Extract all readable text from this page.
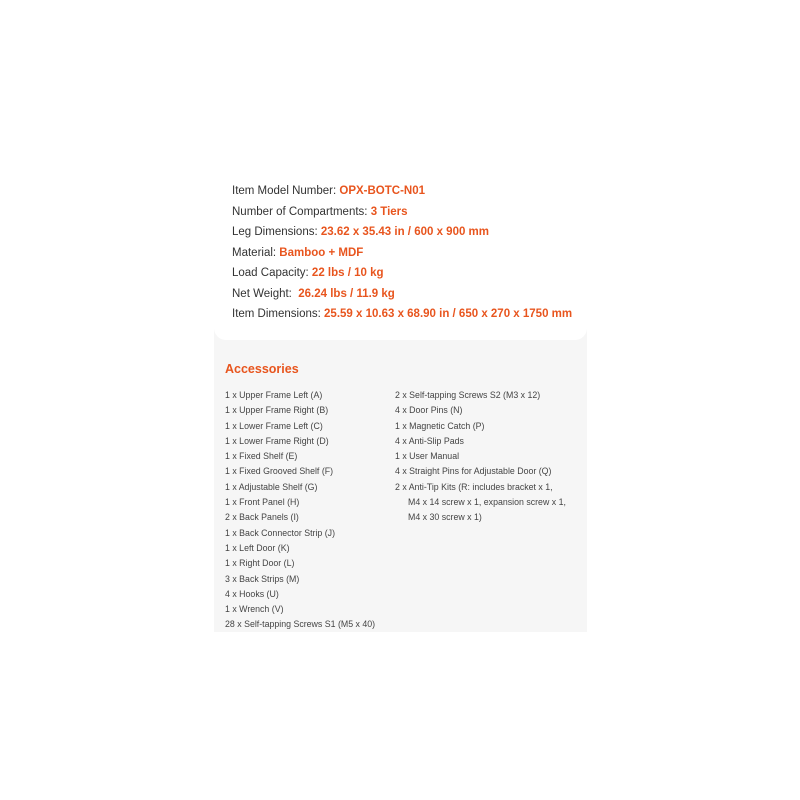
Item Model Number: OPX-BOTC-N01
Number of Compartments: 3 Tiers
Leg Dimensions: 23.62 x 35.43 in / 600 x 900 mm
Material: Bamboo + MDF
Load Capacity: 22 lbs / 10 kg
Net Weight:  26.24 lbs / 11.9 kg
Item Dimensions: 25.59 x 10.63 x 68.90 in / 650 x 270 x 1750 mm
Accessories
1 x Upper Frame Left (A)
1 x Upper Frame Right (B)
1 x Lower Frame Left (C)
1 x Lower Frame Right (D)
1 x Fixed Shelf (E)
1 x Fixed Grooved Shelf (F)
1 x Adjustable Shelf (G)
1 x Front Panel (H)
2 x Back Panels (I)
1 x Back Connector Strip (J)
1 x Left Door (K)
1 x Right Door (L)
3 x Back Strips (M)
4 x Hooks (U)
1 x Wrench (V)
28 x Self-tapping Screws S1 (M5 x 40)
2 x Self-tapping Screws S2 (M3 x 12)
4 x Door Pins (N)
1 x Magnetic Catch (P)
4 x Anti-Slip Pads
1 x User Manual
4 x Straight Pins for Adjustable Door (Q)
2 x Anti-Tip Kits (R: includes bracket x 1,
M4 x 14 screw x 1, expansion screw x 1,
M4 x 30 screw x 1)
